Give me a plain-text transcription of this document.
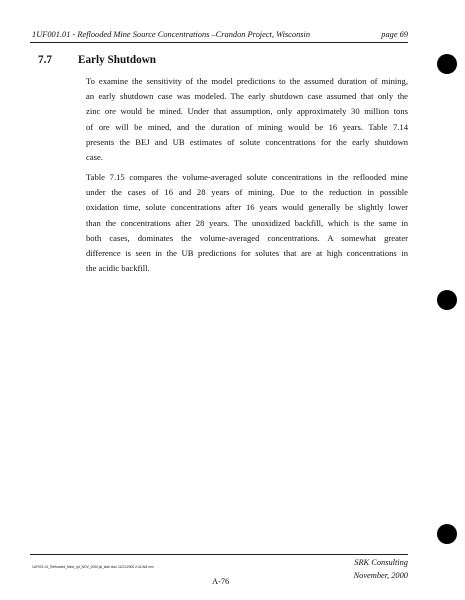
1UF001.01 - Reflooded Mine Source Concentrations –Crandon Project, Wisconsin	page 69
7.7 Early Shutdown
To examine the sensitivity of the model predictions to the assumed duration of mining,
an early shutdown case was modeled. The early shutdown case assumed that only the
zinc ore would be mined. Under that assumption, only approximately 30 million tons
of ore will be mined, and the duration of mining would be 16 years. Table 7.14
presents the BEJ and UB estimates of solute concentrations for the early shutdown
case.
Table 7.15 compares the volume-averaged solute concentrations in the reflooded mine
under the cases of 16 and 28 years of mining. Due to the reduction in possible
oxidation time, solute concentrations after 16 years would generally be slightly lower
than the concentrations after 28 years. The unoxidized backfill, which is the same in
both cases, dominates the volume-averaged concentrations. A somewhat greater
difference is seen in the UB predictions for solutes that are at high concentrations in
the acidic backfill.
1UF001.01_Reflooded_Mine_rpt_NOV_2000.jsl_slde.doc/ 11/21/2000 2:42 AM mm	SRK Consulting
November, 2000
A-76
